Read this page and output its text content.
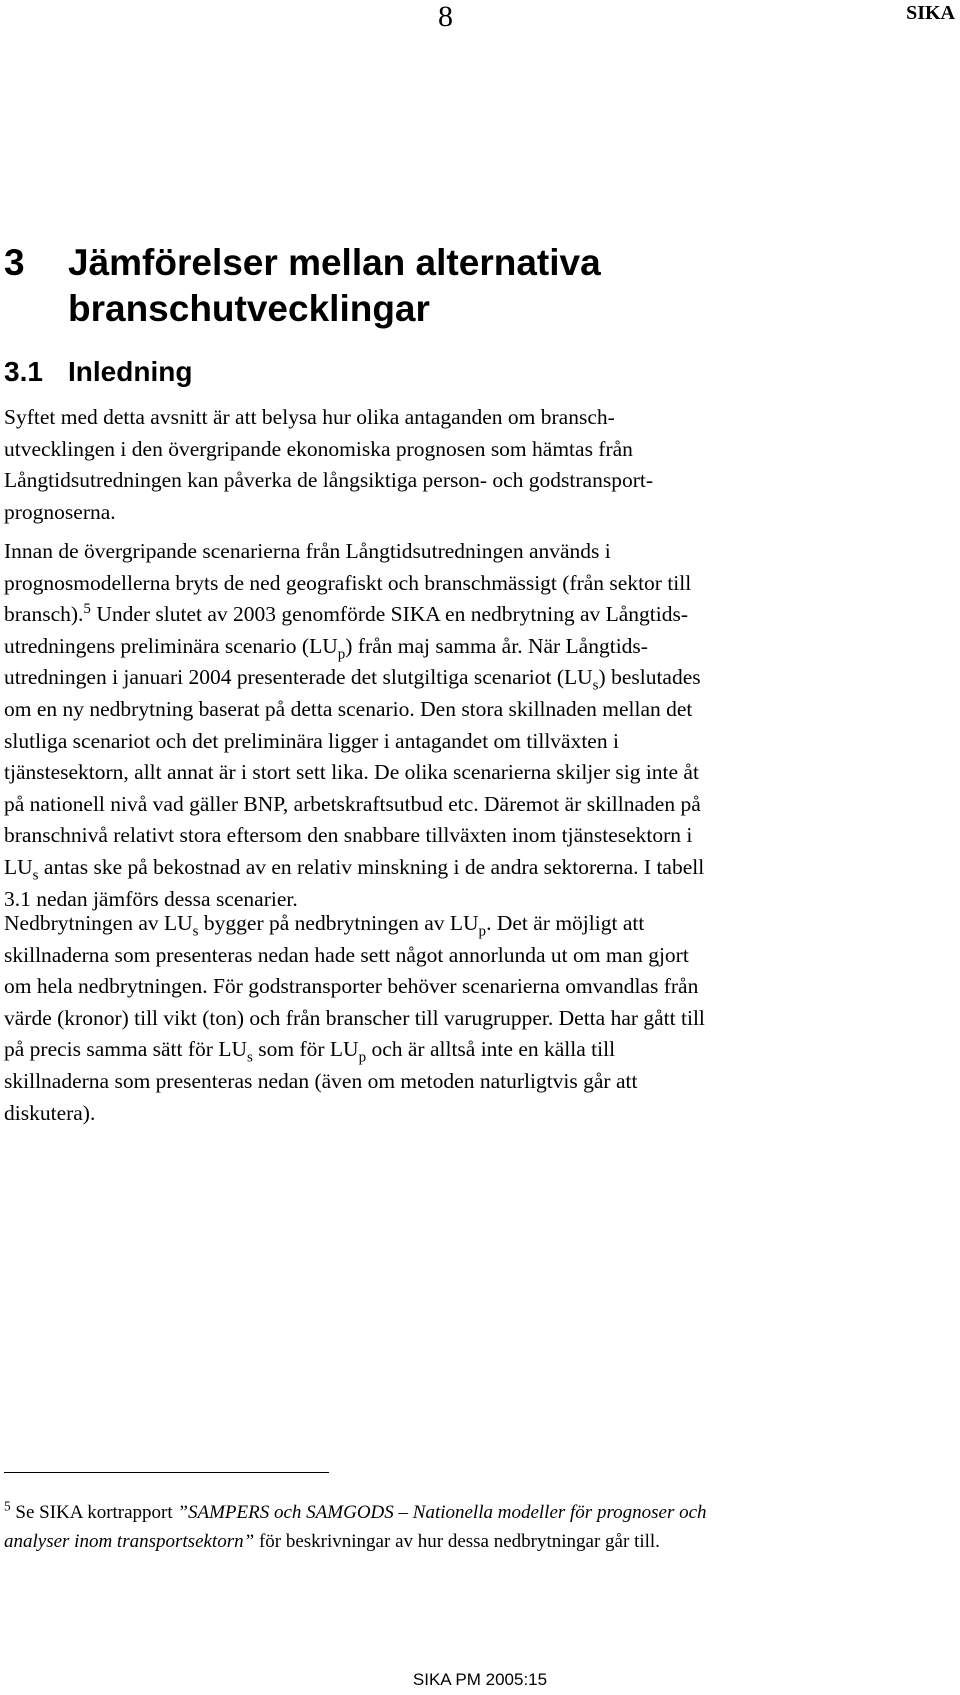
8	SIKA
3 Jämförelser mellan alternativa
branschutvecklingar
3.1 Inledning
Syftet med detta avsnitt är att belysa hur olika antaganden om bransch-
utvecklingen i den övergripande ekonomiska prognosen som hämtas från
Långtidsutredningen kan påverka de långsiktiga person- och godstransport-
prognoserna.
Innan de övergripande scenarierna från Långtidsutredningen används i
prognosmodellerna bryts de ned geografiskt och branschmässigt (från sektor till
bransch).$^5$ Under slutet av 2003 genomförde SIKA en nedbrytning av Långtids-
utredningens preliminära scenario $(LU_p)$ från maj samma år. När Långtids-
utredningen i januari 2004 presenterade det slutgiltiga scenariot $(LU_s)$ beslutades
om en ny nedbrytning baserat på detta scenario. Den stora skillnaden mellan det
slutliga scenariot och det preliminära ligger i antagandet om tillväxten i
tjänstesektorn, allt annat är i stort sett lika. De olika scenarierna skiljer sig inte åt
på nationell nivå vad gäller BNP, arbetskraftsutbud etc. Däremot är skillnaden på
branschnivå relativt stora eftersom den snabbare tillväxten inom tjänstesektorn i
$LU_s$ antas ske på bekostnad av en relativ minskning i de andra sektorerna. I tabell
3.1 nedan jämförs dessa scenarier.
Nedbrytningen av $LU_s$ bygger på nedbrytningen av $LU_p$. Det är möjligt att
skillnaderna som presenteras nedan hade sett något annorlunda ut om man gjort
om hela nedbrytningen. För godstransporter behöver scenarierna omvandlas från
värde (kronor) till vikt (ton) och från branscher till varugrupper. Detta har gått till
på precis samma sätt för $LU_s$ som för $LU_p$ och är alltså inte en källa till
skillnaderna som presenteras nedan (även om metoden naturligtvis går att
diskutera).
$^5$ Se SIKA kortrapport ”SAMPERS och SAMGODS – Nationella modeller för prognoser och
analyser inom transportsektorn” för beskrivningar av hur dessa nedbrytningar går till.
SIKA PM 2005:15
